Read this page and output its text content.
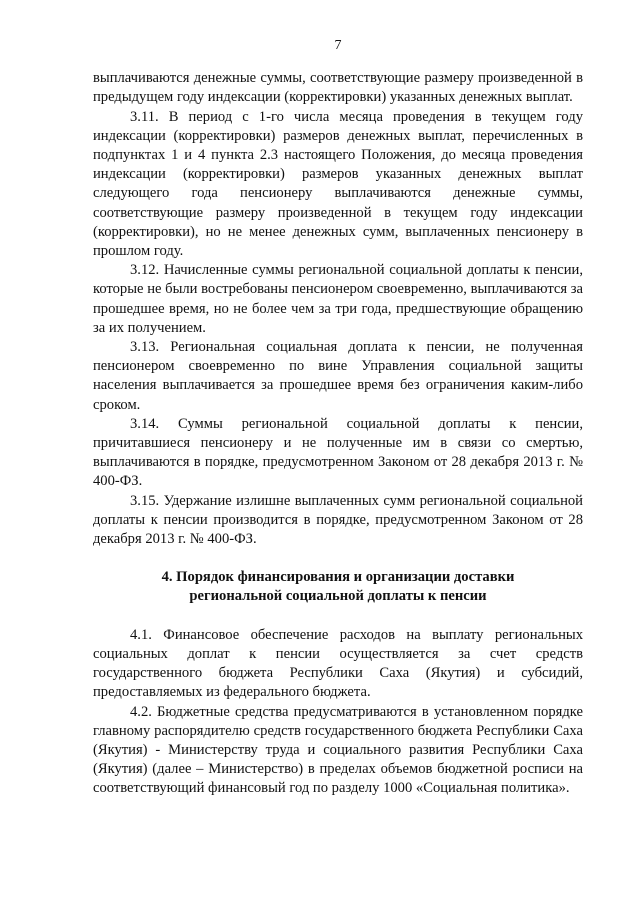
7

выплачиваются денежные суммы, соответствующие размеру произведенной в предыдущем году индексации (корректировки) указанных денежных выплат.

3.11. В период с 1-го числа месяца проведения в текущем году индексации (корректировки) размеров денежных выплат, перечисленных в подпунктах 1 и 4 пункта 2.3 настоящего Положения, до месяца проведения индексации (корректировки) размеров указанных денежных выплат следующего года пенсионеру выплачиваются денежные суммы, соответствующие размеру произведенной в текущем году индексации (корректировки), но не менее денежных сумм, выплаченных пенсионеру в прошлом году.

3.12. Начисленные суммы региональной социальной доплаты к пенсии, которые не были востребованы пенсионером своевременно, выплачиваются за прошедшее время, но не более чем за три года, предшествующие обращению за их получением.

3.13. Региональная социальная доплата к пенсии, не полученная пенсионером своевременно по вине Управления социальной защиты населения выплачивается за прошедшее время без ограничения каким-либо сроком.

3.14. Суммы региональной социальной доплаты к пенсии, причитавшиеся пенсионеру и не полученные им в связи со смертью, выплачиваются в порядке, предусмотренном Законом от 28 декабря 2013 г. № 400-ФЗ.

3.15. Удержание излишне выплаченных сумм региональной социальной доплаты к пенсии производится в порядке, предусмотренном Законом от 28 декабря 2013 г. № 400-ФЗ.

4. Порядок финансирования и организации доставки
региональной социальной доплаты к пенсии

4.1. Финансовое обеспечение расходов на выплату региональных социальных доплат к пенсии осуществляется за счет средств государственного бюджета Республики Саха (Якутия) и субсидий, предоставляемых из федерального бюджета.

4.2. Бюджетные средства предусматриваются в установленном порядке главному распорядителю средств государственного бюджета Республики Саха (Якутия) - Министерству труда и социального развития Республики Саха (Якутия) (далее – Министерство) в пределах объемов бюджетной росписи на соответствующий финансовый год по разделу 1000 «Социальная политика».
